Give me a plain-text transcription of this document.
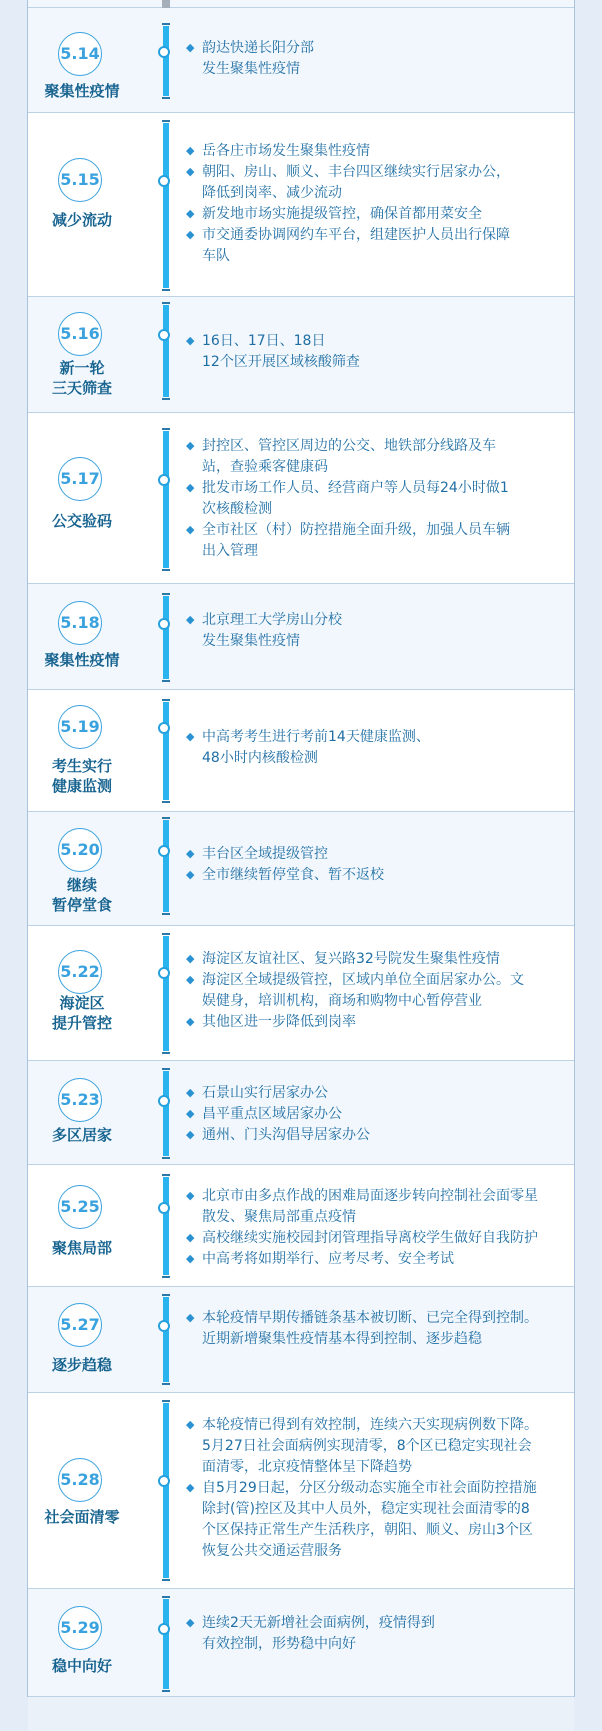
5.14
聚集性疫情
◆ 韵达快递长阳分部
发生聚集性疫情
5.15
减少流动
◆ 岳各庄市场发生聚集性疫情
◆ 朝阳、房山、顺义、丰台四区继续实行居家办公，
降低到岗率、减少流动
◆ 新发地市场实施提级管控，确保首都用菜安全
◆ 市交通委协调网约车平台，组建医护人员出行保障
车队
5.16
新一轮
三天筛查
◆ 16日、17日、18日
12个区开展区域核酸筛查
5.17
公交验码
◆ 封控区、管控区周边的公交、地铁部分线路及车
站，查验乘客健康码
◆ 批发市场工作人员、经营商户等人员每24小时做1
次核酸检测
◆ 全市社区（村）防控措施全面升级，加强人员车辆
出入管理
5.18
聚集性疫情
◆ 北京理工大学房山分校
发生聚集性疫情
5.19
考生实行
健康监测
◆ 中高考考生进行考前14天健康监测、
48小时内核酸检测
5.20
继续
暂停堂食
◆ 丰台区全域提级管控
◆ 全市继续暂停堂食、暂不返校
5.22
海淀区
提升管控
◆ 海淀区友谊社区、复兴路32号院发生聚集性疫情
◆ 海淀区全域提级管控，区域内单位全面居家办公。文
娱健身，培训机构，商场和购物中心暂停营业
◆ 其他区进一步降低到岗率
5.23
多区居家
◆ 石景山实行居家办公
◆ 昌平重点区域居家办公
◆ 通州、门头沟倡导居家办公
5.25
聚焦局部
◆ 北京市由多点作战的困难局面逐步转向控制社会面零星
散发、聚焦局部重点疫情
◆ 高校继续实施校园封闭管理指导离校学生做好自我防护
◆ 中高考将如期举行、应考尽考、安全考试
5.27
逐步趋稳
◆ 本轮疫情早期传播链条基本被切断、已完全得到控制。
近期新增聚集性疫情基本得到控制、逐步趋稳
5.28
社会面清零
◆ 本轮疫情已得到有效控制，连续六天实现病例数下降。
5月27日社会面病例实现清零，8个区已稳定实现社会
面清零，北京疫情整体呈下降趋势
◆ 自5月29日起，分区分级动态实施全市社会面防控措施
除封(管)控区及其中人员外，稳定实现社会面清零的8
个区保持正常生产生活秩序，朝阳、顺义、房山3个区
恢复公共交通运营服务
5.29
稳中向好
◆ 连续2天无新增社会面病例，疫情得到
有效控制，形势稳中向好
